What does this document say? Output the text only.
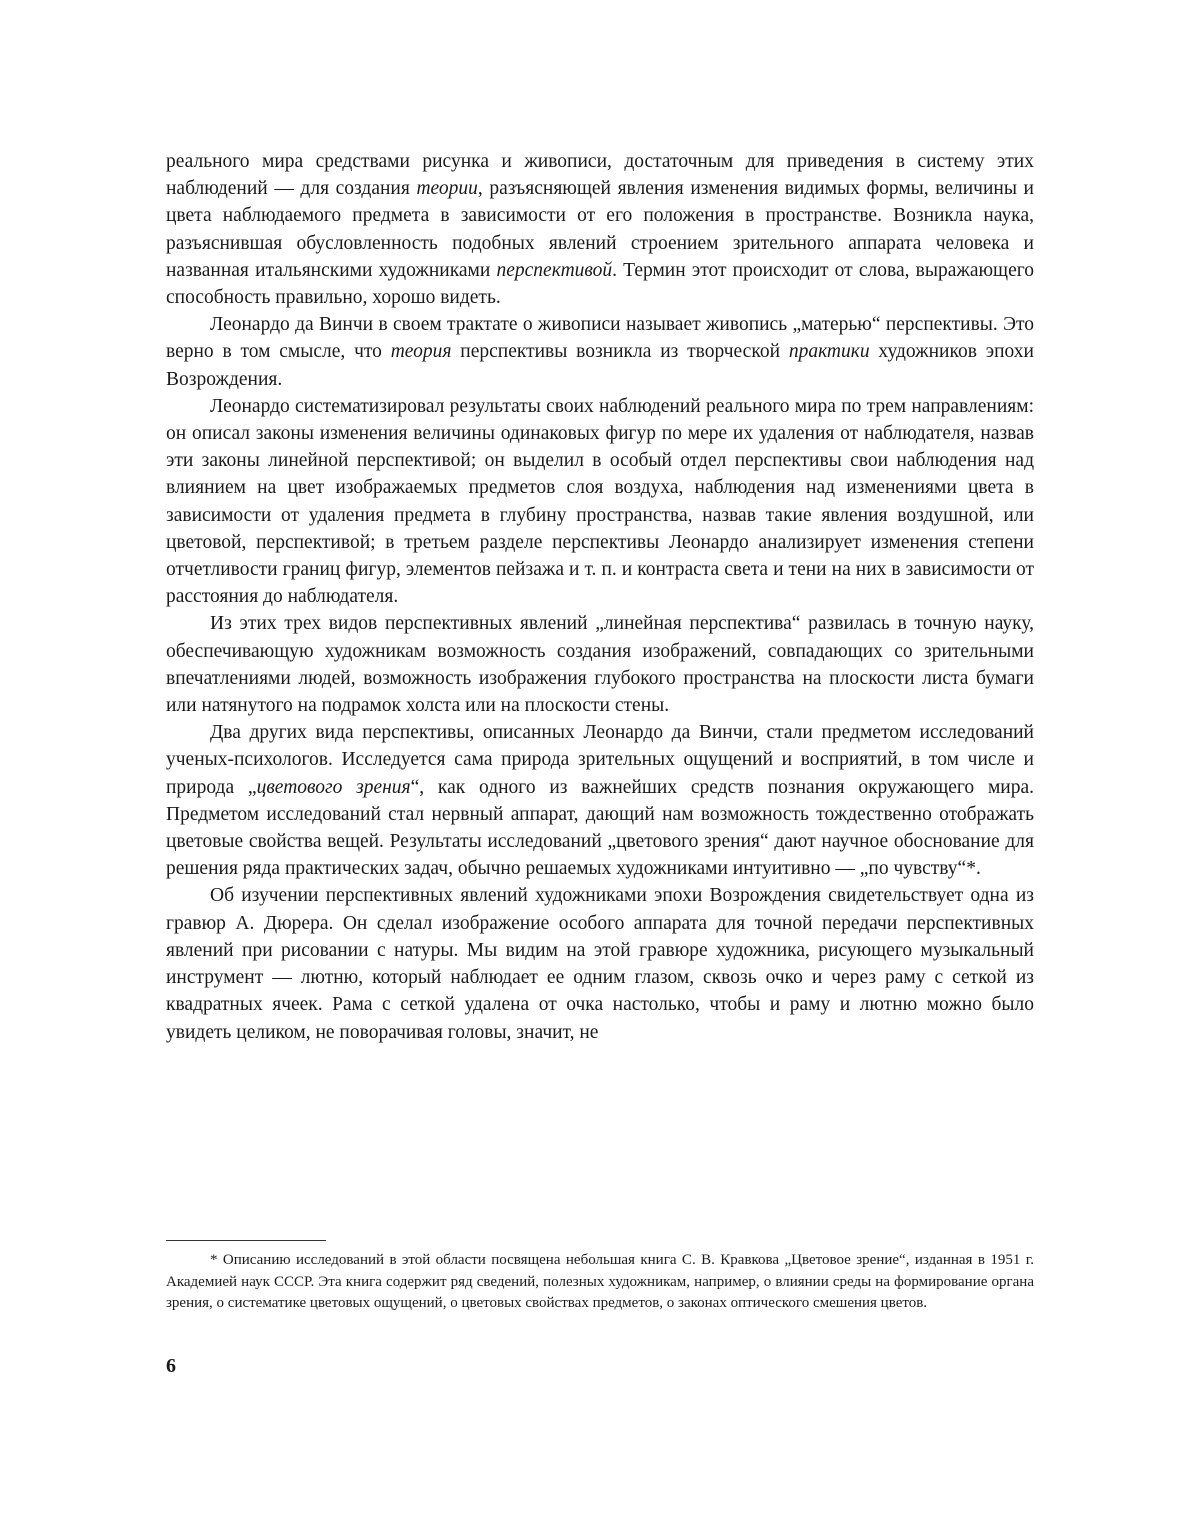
реального мира средствами рисунка и живописи, достаточным для приведения в систему этих наблюдений — для создания теории, разъясняющей явления изменения видимых формы, величины и цвета наблюдаемого предмета в зависимости от его положения в пространстве. Возникла наука, разъяснившая обусловленность подобных явлений строением зрительного аппарата человека и названная итальянскими художниками перспективой. Термин этот происходит от слова, выражающего способность правильно, хорошо видеть.

Леонардо да Винчи в своем трактате о живописи называет живопись „матерью“ перспективы. Это верно в том смысле, что теория перспективы возникла из творческой практики художников эпохи Возрождения.

Леонардо систематизировал результаты своих наблюдений реального мира по трем направлениям: он описал законы изменения величины одинаковых фигур по мере их удаления от наблюдателя, назвав эти законы линейной перспективой; он выделил в особый отдел перспективы свои наблюдения над влиянием на цвет изображаемых предметов слоя воздуха, наблюдения над изменениями цвета в зависимости от удаления предмета в глубину пространства, назвав такие явления воздушной, или цветовой, перспективой; в третьем разделе перспективы Леонардо анализирует изменения степени отчетливости границ фигур, элементов пейзажа и т. п. и контраста света и тени на них в зависимости от расстояния до наблюдателя.

Из этих трех видов перспективных явлений „линейная перспектива“ развилась в точную науку, обеспечивающую художникам возможность создания изображений, совпадающих со зрительными впечатлениями людей, возможность изображения глубокого пространства на плоскости листа бумаги или натянутого на подрамок холста или на плоскости стены.

Два других вида перспективы, описанных Леонардо да Винчи, стали предметом исследований ученых-психологов. Исследуется сама природа зрительных ощущений и восприятий, в том числе и природа „цветового зрения“, как одного из важнейших средств познания окружающего мира. Предметом исследований стал нервный аппарат, дающий нам возможность тождественно отображать цветовые свойства вещей. Результаты исследований „цветового зрения“ дают научное обоснование для решения ряда практических задач, обычно решаемых художниками интуитивно — „по чувству“*.

Об изучении перспективных явлений художниками эпохи Возрождения свидетельствует одна из гравюр А. Дюрера. Он сделал изображение особого аппарата для точной передачи перспективных явлений при рисовании с натуры. Мы видим на этой гравюре художника, рисующего музыкальный инструмент — лютню, который наблюдает ее одним глазом, сквозь очко и через раму с сеткой из квадратных ячеек. Рама с сеткой удалена от очка настолько, чтобы и раму и лютню можно было увидеть целиком, не поворачивая головы, значит, не

* Описанию исследований в этой области посвящена небольшая книга С. В. Кравкова „Цветовое зрение“, изданная в 1951 г. Академией наук СССР. Эта книга содержит ряд сведений, полезных художникам, например, о влиянии среды на формирование органа зрения, о систематике цветовых ощущений, о цветовых свойствах предметов, о законах оптического смешения цветов.

6
